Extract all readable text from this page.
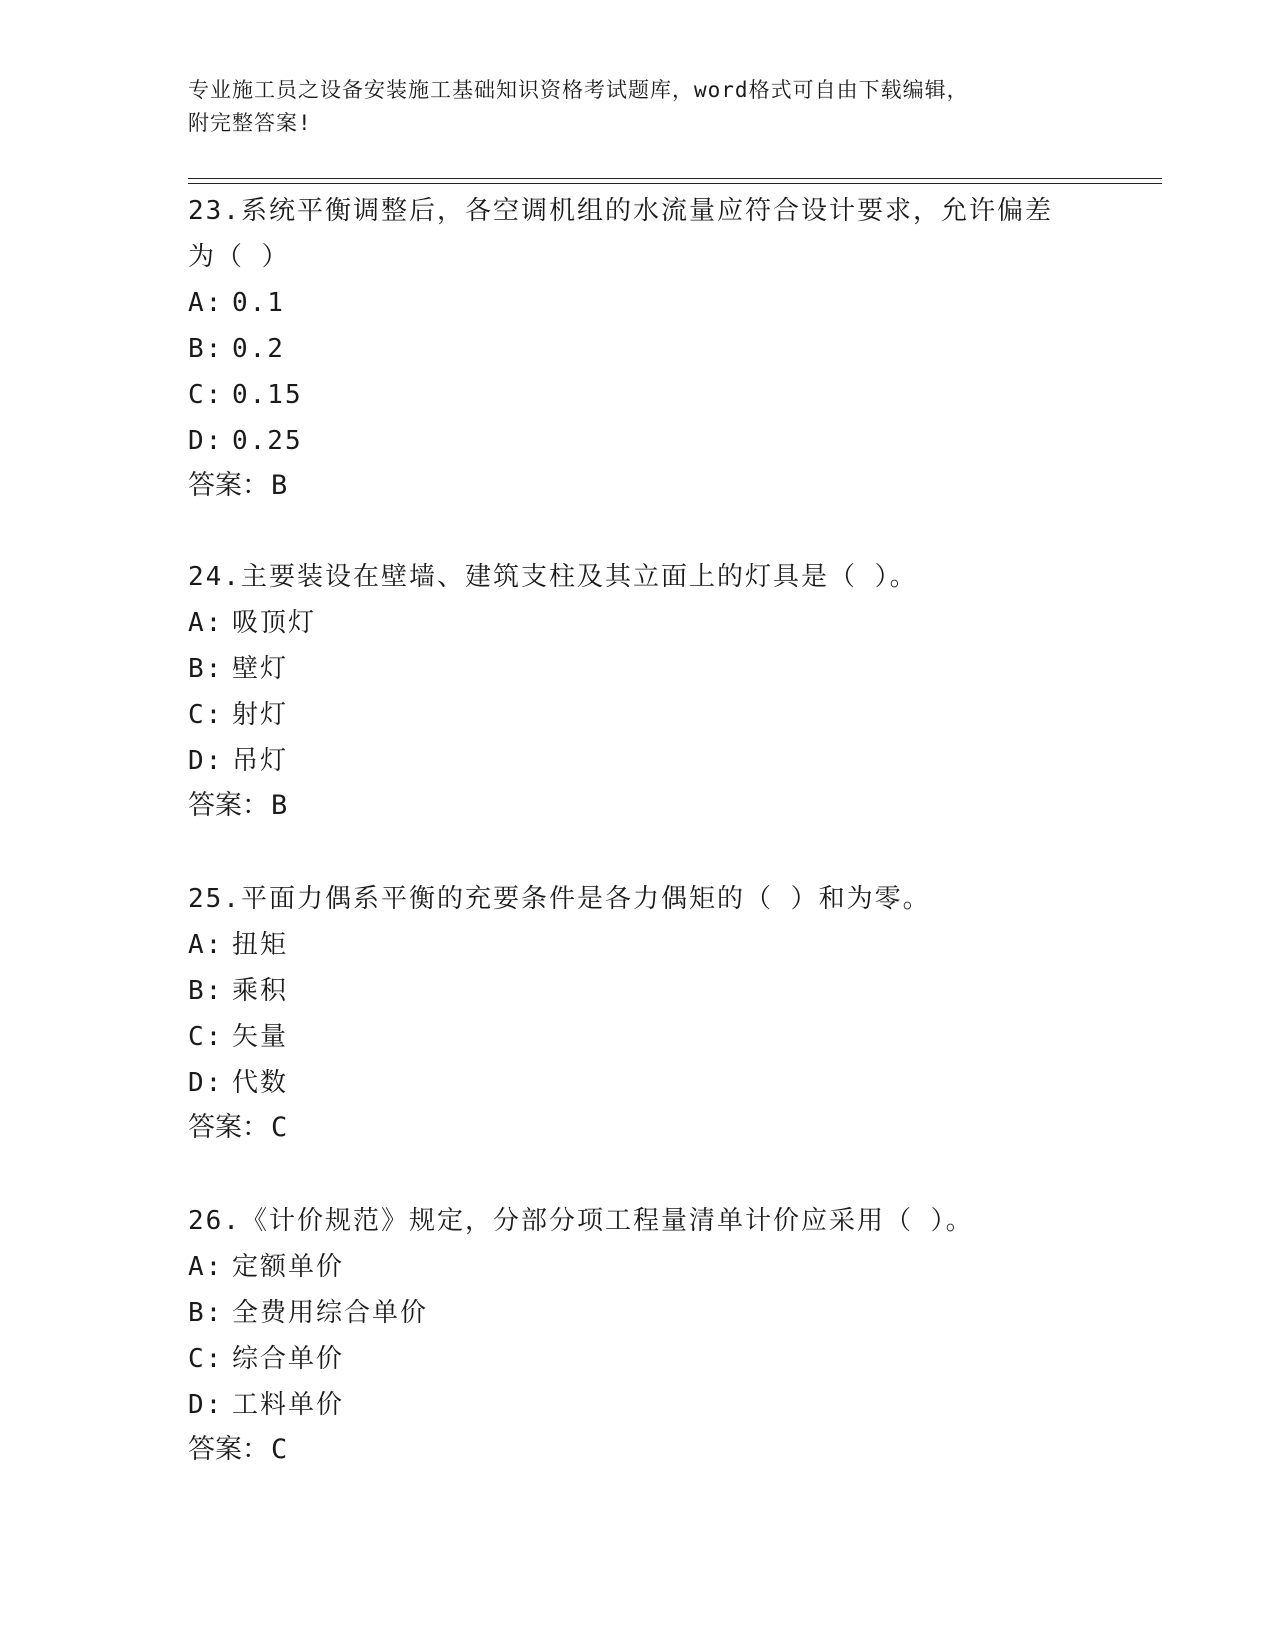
专业施工员之设备安装施工基础知识资格考试题库，word格式可自由下载编辑，
附完整答案!

23.系统平衡调整后，各空调机组的水流量应符合设计要求，允许偏差

为（ ）

A: 0.1

B: 0.2

C: 0.15

D: 0.25

答案：B

24.主要装设在壁墙、建筑支柱及其立面上的灯具是（ ）。

A: 吸顶灯

B: 壁灯

C: 射灯

D: 吊灯

答案：B

25.平面力偶系平衡的充要条件是各力偶矩的（ ）和为零。

A: 扭矩

B: 乘积

C: 矢量

D: 代数

答案：C

26.《计价规范》规定，分部分项工程量清单计价应采用（ ）。

A: 定额单价

B: 全费用综合单价

C: 综合单价

D: 工料单价

答案：C
